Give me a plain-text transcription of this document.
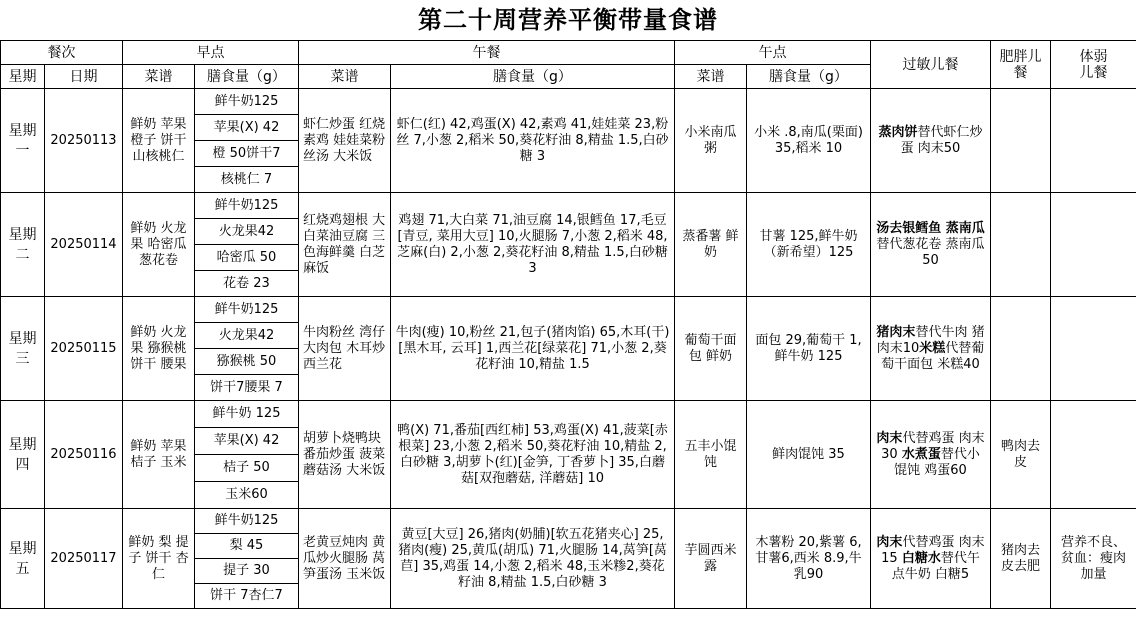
第二十周营养平衡带量食谱
餐次		早点		午餐		午点		过敏儿餐	肥胖儿餐	体弱儿餐
星期	日期	菜谱	膳食量（g）	菜谱	膳食量（g）	菜谱	膳食量（g）			
星期一	20250113	鲜奶 苹果 橙子 饼干 山核桃仁	鲜牛奶125	虾仁炒蛋 红烧素鸡 娃娃菜粉丝汤 大米饭	虾仁(红) 42,鸡蛋(X) 42,素鸡 41,娃娃菜 23,粉丝 7,小葱 2,稻米 50,葵花籽油 8,精盐 1.5,白砂糖 3	小米南瓜粥	小米 .8,南瓜(栗面) 35,稻米 10	蒸肉饼替代虾仁炒蛋 肉末50		
			苹果(X) 42							
			橙 50饼干7							
			核桃仁 7							
星期二	20250114	鲜奶 火龙果 哈密瓜 葱花卷	鲜牛奶125	红烧鸡翅根 大白菜油豆腐 三色海鲜羹 白芝麻饭	鸡翅 71,大白菜 71,油豆腐 14,银鳕鱼 17,毛豆[青豆, 菜用大豆] 10,火腿肠 7,小葱 2,稻米 48,芝麻(白) 2,小葱 2,葵花籽油 8,精盐 1.5,白砂糖 3	蒸番薯 鲜奶	甘薯 125,鲜牛奶（新希望）125	汤去银鳕鱼 蒸南瓜替代葱花卷 蒸南瓜50		
			火龙果42							
			哈密瓜 50							
			花卷 23							
星期三	20250115	鲜奶 火龙果 猕猴桃 饼干 腰果	鲜牛奶125	牛肉粉丝 湾仔大肉包 木耳炒西兰花	牛肉(瘦) 10,粉丝 21,包子(猪肉馅) 65,木耳(干)[黑木耳, 云耳] 1,西兰花[绿菜花] 71,小葱 2,葵花籽油 10,精盐 1.5	葡萄干面包 鲜奶	面包 29,葡萄干 1,鲜牛奶 125	猪肉末替代牛肉 猪肉末10米糕代替葡萄干面包 米糕40		
			火龙果42							
			猕猴桃 50							
			饼干7腰果 7							
星期四	20250116	鲜奶 苹果 桔子 玉米	鲜牛奶 125	胡萝卜烧鸭块 番茄炒蛋 菠菜蘑菇汤 大米饭	鸭(X) 71,番茄[西红柿] 53,鸡蛋(X) 41,菠菜[赤根菜] 23,小葱 2,稻米 50,葵花籽油 10,精盐 2,白砂糖 3,胡萝卜(红)[金笋, 丁香萝卜] 35,白蘑菇[双孢蘑菇, 洋蘑菇] 10	五丰小馄饨	鲜肉馄饨 35	肉末代替鸡蛋 肉末30 水煮蛋替代小馄饨 鸡蛋60	鸭肉去皮	
			苹果(X) 42							
			桔子 50							
			玉米60							
星期五	20250117	鲜奶 梨 提子 饼干 杏仁	鲜牛奶125	老黄豆炖肉 黄瓜炒火腿肠 莴笋蛋汤 玉米饭	黄豆[大豆] 26,猪肉(奶脯)[软五花猪夹心] 25,猪肉(瘦) 25,黄瓜(胡瓜) 71,火腿肠 14,莴笋[莴苣] 35,鸡蛋 14,小葱 2,稻米 48,玉米糁2,葵花籽油 8,精盐 1.5,白砂糖 3	芋圆西米露	木薯粉 20,紫薯 6,甘薯6,西米 8.9,牛乳90	肉末代替鸡蛋 肉末15 白糖水替代午点牛奶 白糖5	猪肉去皮去肥	营养不良、贫血：瘦肉加量
			梨 45							
			提子 30							
			饼干 7杏仁7							
